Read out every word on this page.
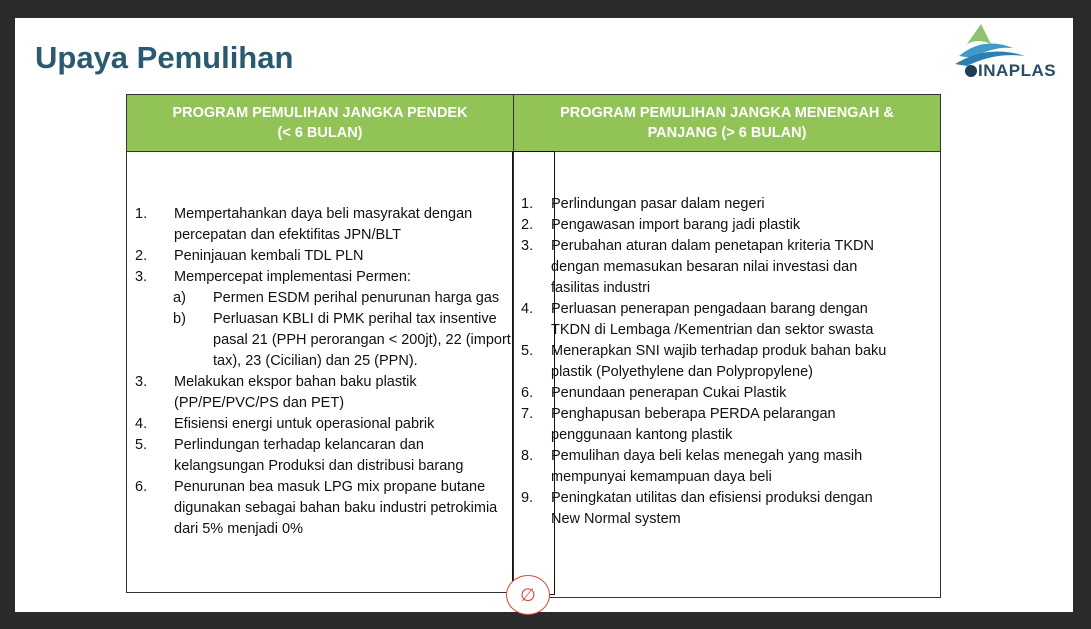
Upaya Pemulihan	INAPLAS
PROGRAM PEMULIHAN JANGKA PENDEK
(< 6 BULAN)
PROGRAM PEMULIHAN JANGKA MENENGAH &
PANJANG (> 6 BULAN)
1.	Mempertahankan daya beli masyrakat dengan
percepatan dan efektifitas JPN/BLT
2.	Peninjauan kembali TDL PLN
3.	Mempercepat implementasi Permen:
a)	Permen ESDM perihal penurunan harga gas
b)	Perluasan KBLI di PMK perihal tax insentive
pasal 21 (PPH perorangan < 200jt), 22 (import
tax), 23 (Cicilian) dan 25 (PPN).
3.	Melakukan ekspor bahan baku plastik
(PP/PE/PVC/PS dan PET)
4.	Efisiensi energi untuk operasional pabrik
5.	Perlindungan terhadap kelancaran dan
kelangsungan Produksi dan distribusi barang
6.	Penurunan bea masuk LPG mix propane butane
digunakan sebagai bahan baku industri petrokimia
dari 5% menjadi 0%
1.	Perlindungan pasar dalam negeri
2.	Pengawasan import barang jadi plastik
3.	Perubahan aturan dalam penetapan kriteria TKDN
dengan memasukan besaran nilai investasi dan
fasilitas industri
4.	Perluasan penerapan pengadaan barang dengan
TKDN di Lembaga /Kementrian dan sektor swasta
5.	Menerapkan SNI wajib terhadap produk bahan baku
plastik (Polyethylene dan Polypropylene)
6.	Penundaan penerapan Cukai Plastik
7.	Penghapusan beberapa PERDA pelarangan
penggunaan kantong plastik
8.	Pemulihan daya beli kelas menegah yang masih
mempunyai kemampuan daya beli
9.	Peningkatan utilitas dan efisiensi produksi dengan
New Normal system
∅
